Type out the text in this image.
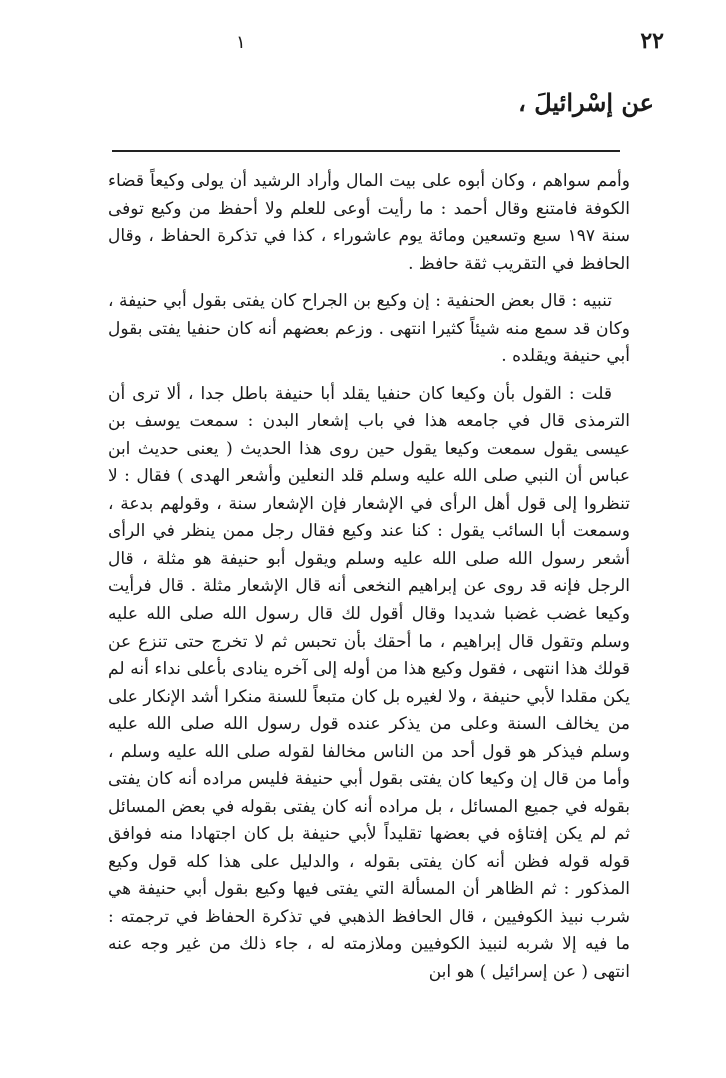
٢٢
١
عن إسْرائيلَ ،

وأمم سواهم ، وكان أبوه على بيت المال وأراد الرشيد أن يولى وكيعاً قضاء الكوفة فامتنع وقال أحمد : ما رأيت أوعى للعلم ولا أحفظ من وكيع توفى سنة ١٩٧ سبع وتسعين ومائة يوم عاشوراء ، كذا في تذكرة الحفاظ ، وقال الحافظ في التقريب ثقة حافظ .

تنبيه : قال بعض الحنفية : إن وكيع بن الجراح كان يفتى بقول أبي حنيفة ، وكان قد سمع منه شيئاً كثيرا انتهى . وزعم بعضهم أنه كان حنفيا يفتى بقول أبي حنيفة ويقلده .

قلت : القول بأن وكيعا كان حنفيا يقلد أبا حنيفة باطل جدا ، ألا ترى أن الترمذى قال في جامعه هذا في باب إشعار البدن : سمعت يوسف بن عيسى يقول سمعت وكيعا يقول حين روى هذا الحديث ( يعنى حديث ابن عباس أن النبي صلى الله عليه وسلم قلد النعلين وأشعر الهدى ) فقال : لا تنظروا إلى قول أهل الرأى في الإشعار فإن الإشعار سنة ، وقولهم بدعة ، وسمعت أبا السائب يقول : كنا عند وكيع فقال رجل ممن ينظر في الرأى أشعر رسول الله صلى الله عليه وسلم ويقول أبو حنيفة هو مثلة ، قال الرجل فإنه قد روى عن إبراهيم النخعى أنه قال الإشعار مثلة . قال فرأيت وكيعا غضب غضبا شديدا وقال أقول لك قال رسول الله صلى الله عليه وسلم وتقول قال إبراهيم ، ما أحقك بأن تحبس ثم لا تخرج حتى تنزع عن قولك هذا انتهى ، فقول وكيع هذا من أوله إلى آخره ينادى بأعلى نداء أنه لم يكن مقلدا لأبي حنيفة ، ولا لغيره بل كان متبعاً للسنة منكرا أشد الإنكار على من يخالف السنة وعلى من يذكر عنده قول رسول الله صلى الله عليه وسلم فيذكر هو قول أحد من الناس مخالفا لقوله صلى الله عليه وسلم ، وأما من قال إن وكيعا كان يفتى بقول أبي حنيفة فليس مراده أنه كان يفتى بقوله في جميع المسائل ، بل مراده أنه كان يفتى بقوله في بعض المسائل ثم لم يكن إفتاؤه في بعضها تقليداً لأبي حنيفة بل كان اجتهادا منه فوافق قوله قوله فظن أنه كان يفتى بقوله ، والدليل على هذا كله قول وكيع المذكور : ثم الظاهر أن المسألة التي يفتى فيها وكيع بقول أبي حنيفة هي شرب نبيذ الكوفيين ، قال الحافظ الذهبي في تذكرة الحفاظ في ترجمته : ما فيه إلا شربه لنبيذ الكوفيين وملازمته له ، جاء ذلك من غير وجه عنه انتهى ( عن إسرائيل ) هو ابن
